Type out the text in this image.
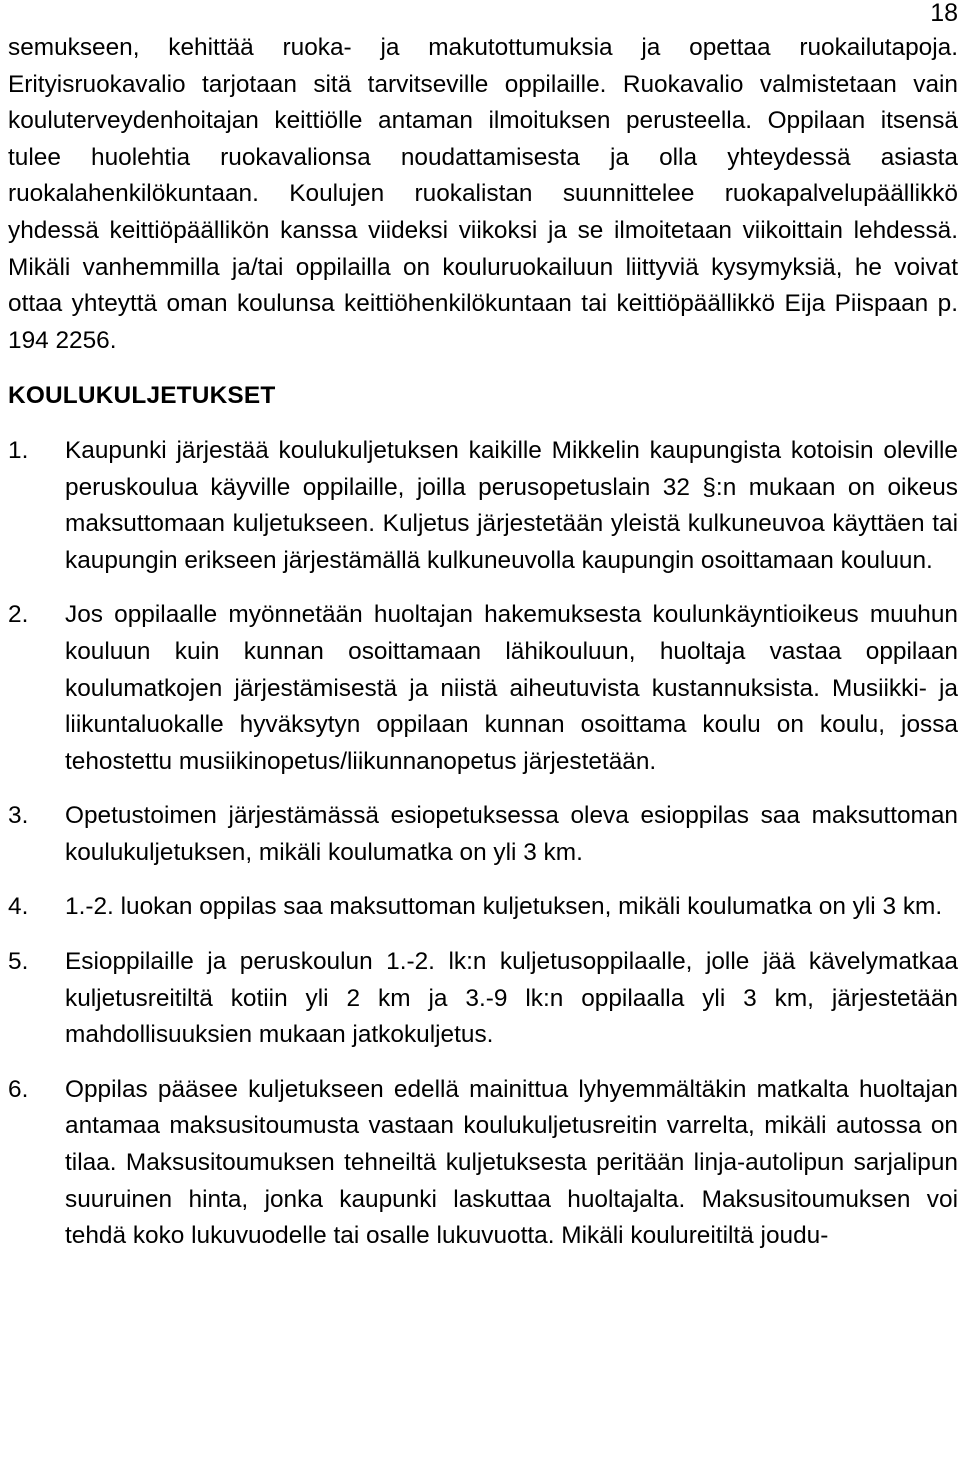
18

semukseen, kehittää ruoka- ja makutottumuksia ja opettaa ruokailutapoja. Erityisruokavalio tarjotaan sitä tarvitseville oppilaille. Ruokavalio valmistetaan vain kouluterveydenhoitajan keittiölle antaman ilmoituksen perusteella. Oppilaan itsensä tulee huolehtia ruokavalionsa noudattamisesta ja olla yhteydessä asiasta ruokalahenkilökuntaan. Koulujen ruokalistan suunnittelee ruokapalvelupäällikkö yhdessä keittiöpäällikön kanssa viideksi viikoksi ja se ilmoitetaan viikoittain lehdessä. Mikäli vanhemmilla ja/tai oppilailla on kouluruokailuun liittyviä kysymyksiä, he voivat ottaa yhteyttä oman koulunsa keittiöhenkilökuntaan tai keittiöpäällikkö Eija Piispaan p. 194 2256.

KOULUKULJETUKSET
1.	Kaupunki järjestää koulukuljetuksen kaikille Mikkelin kaupungista kotoisin oleville peruskoulua käyville oppilaille, joilla perusopetuslain 32 §:n mukaan on oikeus maksuttomaan kuljetukseen. Kuljetus järjestetään yleistä kulkuneuvoa käyttäen tai kaupungin erikseen järjestämällä kulkuneuvolla kaupungin osoittamaan kouluun.

2.	Jos oppilaalle myönnetään huoltajan hakemuksesta koulunkäyntioikeus muuhun kouluun kuin kunnan osoittamaan lähikouluun, huoltaja vastaa oppilaan koulumatkojen järjestämisestä ja niistä aiheutuvista kustannuksista. Musiikki- ja liikuntaluokalle hyväksytyn oppilaan kunnan osoittama koulu on koulu, jossa tehostettu musiikinopetus/liikunnanopetus järjestetään.

3.	Opetustoimen järjestämässä esiopetuksessa oleva esioppilas saa maksuttoman koulukuljetuksen, mikäli koulumatka on yli 3 km.

4.	1.-2. luokan oppilas saa maksuttoman kuljetuksen, mikäli koulumatka on yli 3 km.

5.	Esioppilaille ja peruskoulun 1.-2. lk:n kuljetusoppilaalle, jolle jää kävelymatkaa kuljetusreitiltä kotiin yli 2 km ja 3.-9 lk:n oppilaalla yli 3 km, järjestetään mahdollisuuksien mukaan jatkokuljetus.

6.	Oppilas pääsee kuljetukseen edellä mainittua lyhyemmältäkin matkalta huoltajan antamaa maksusitoumusta vastaan koulukuljetusreitin varrelta, mikäli autossa on tilaa. Maksusitoumuksen tehneiltä kuljetuksesta peritään linja-autolipun sarjalipun suuruinen hinta, jonka kaupunki laskuttaa huoltajalta. Maksusitoumuksen voi tehdä koko lukuvuodelle tai osalle lukuvuotta. Mikäli koulureitiltä joudu-
